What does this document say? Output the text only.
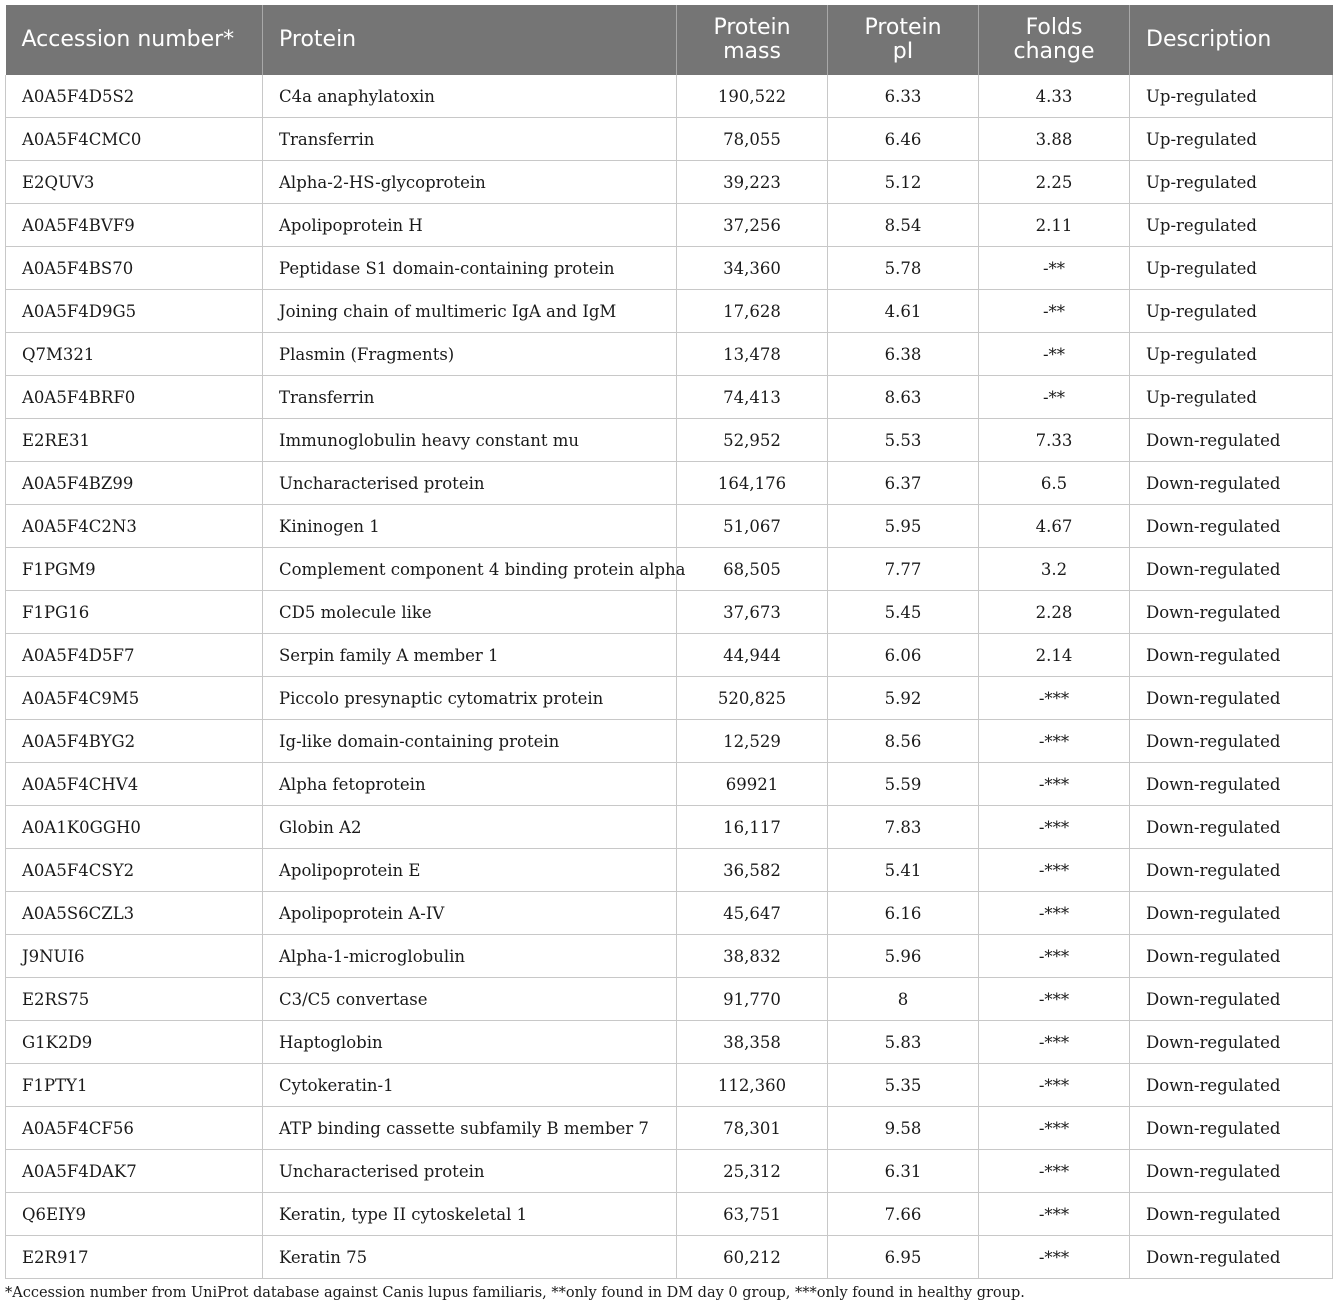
Accession number*	Protein	Protein mass	Protein pI	Folds change	Description
A0A5F4D5S2	C4a anaphylatoxin	190,522	6.33	4.33	Up-regulated
A0A5F4CMC0	Transferrin	78,055	6.46	3.88	Up-regulated
E2QUV3	Alpha-2-HS-glycoprotein	39,223	5.12	2.25	Up-regulated
A0A5F4BVF9	Apolipoprotein H	37,256	8.54	2.11	Up-regulated
A0A5F4BS70	Peptidase S1 domain-containing protein	34,360	5.78	-**	Up-regulated
A0A5F4D9G5	Joining chain of multimeric IgA and IgM	17,628	4.61	-**	Up-regulated
Q7M321	Plasmin (Fragments)	13,478	6.38	-**	Up-regulated
A0A5F4BRF0	Transferrin	74,413	8.63	-**	Up-regulated
E2RE31	Immunoglobulin heavy constant mu	52,952	5.53	7.33	Down-regulated
A0A5F4BZ99	Uncharacterised protein	164,176	6.37	6.5	Down-regulated
A0A5F4C2N3	Kininogen 1	51,067	5.95	4.67	Down-regulated
F1PGM9	Complement component 4 binding protein alpha	68,505	7.77	3.2	Down-regulated
F1PG16	CD5 molecule like	37,673	5.45	2.28	Down-regulated
A0A5F4D5F7	Serpin family A member 1	44,944	6.06	2.14	Down-regulated
A0A5F4C9M5	Piccolo presynaptic cytomatrix protein	520,825	5.92	-***	Down-regulated
A0A5F4BYG2	Ig-like domain-containing protein	12,529	8.56	-***	Down-regulated
A0A5F4CHV4	Alpha fetoprotein	69921	5.59	-***	Down-regulated
A0A1K0GGH0	Globin A2	16,117	7.83	-***	Down-regulated
A0A5F4CSY2	Apolipoprotein E	36,582	5.41	-***	Down-regulated
A0A5S6CZL3	Apolipoprotein A-IV	45,647	6.16	-***	Down-regulated
J9NUI6	Alpha-1-microglobulin	38,832	5.96	-***	Down-regulated
E2RS75	C3/C5 convertase	91,770	8	-***	Down-regulated
G1K2D9	Haptoglobin	38,358	5.83	-***	Down-regulated
F1PTY1	Cytokeratin-1	112,360	5.35	-***	Down-regulated
A0A5F4CF56	ATP binding cassette subfamily B member 7	78,301	9.58	-***	Down-regulated
A0A5F4DAK7	Uncharacterised protein	25,312	6.31	-***	Down-regulated
Q6EIY9	Keratin, type II cytoskeletal 1	63,751	7.66	-***	Down-regulated
E2R917	Keratin 75	60,212	6.95	-***	Down-regulated
*Accession number from UniProt database against Canis lupus familiaris, **only found in DM day 0 group, ***only found in healthy group.
